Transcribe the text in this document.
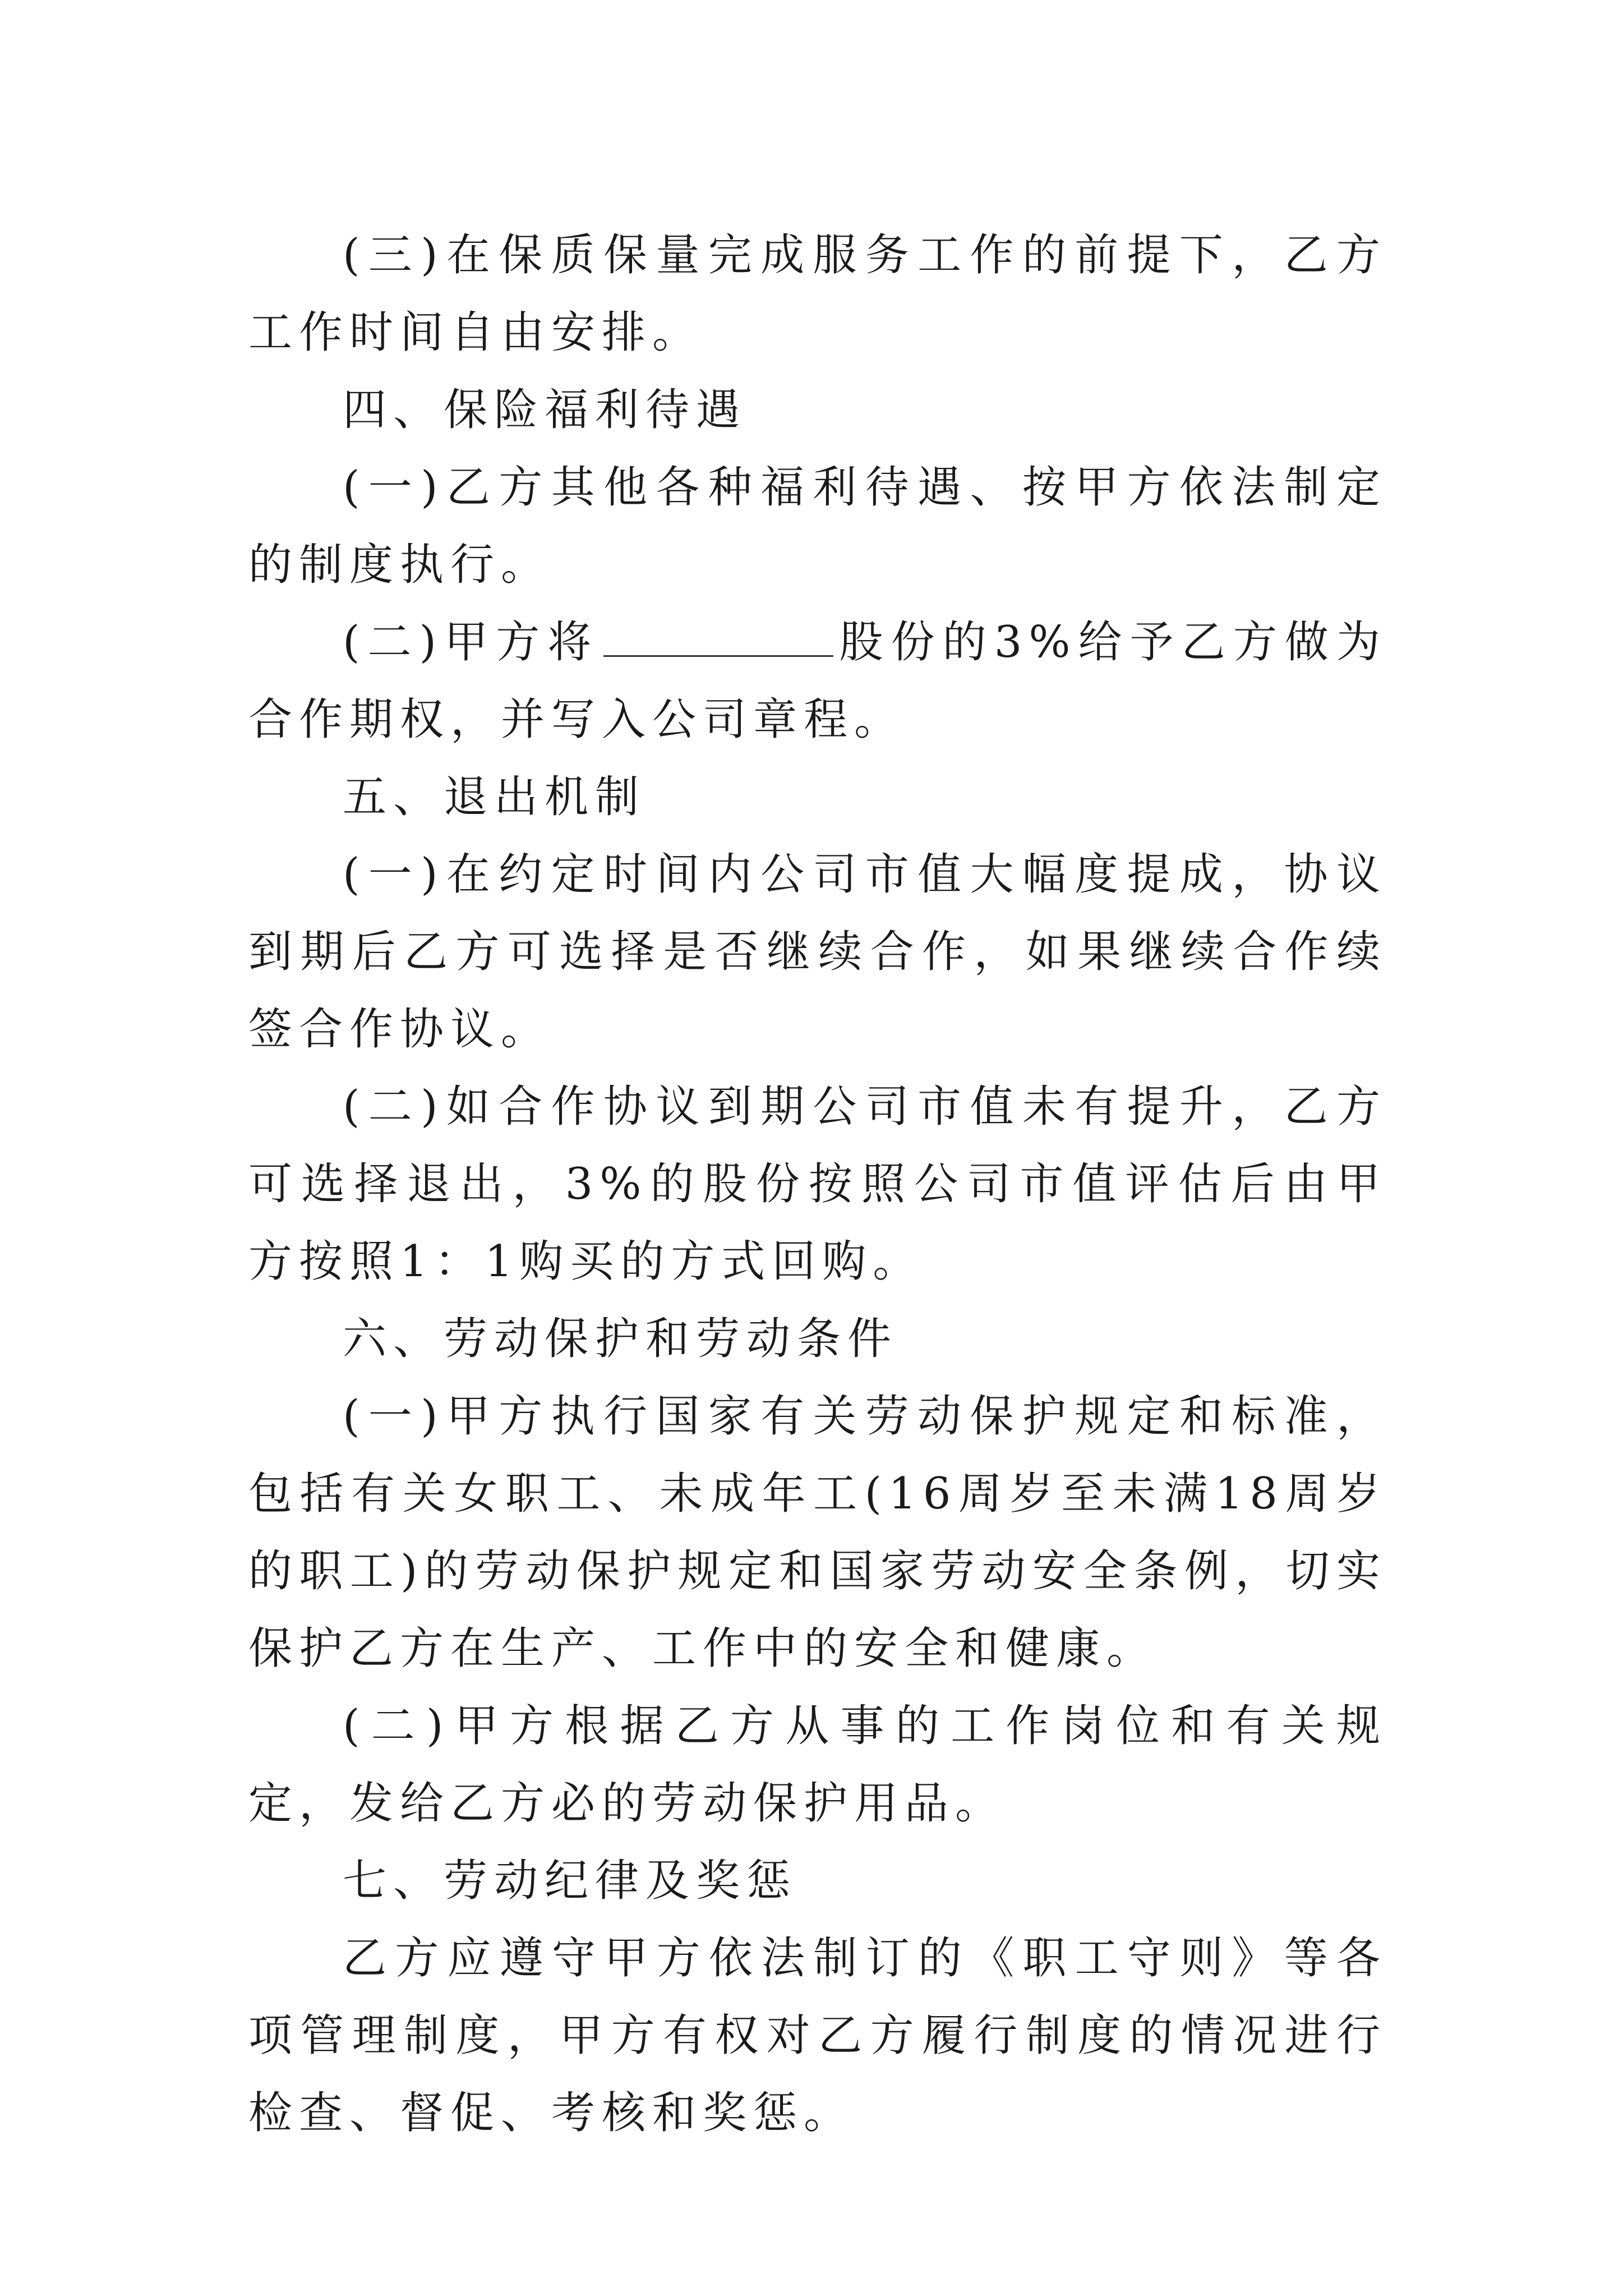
(三)在保质保量完成服务工作的前提下，乙方工作时间自由安排。

四、保险福利待遇

(一)乙方其他各种福利待遇、按甲方依法制定的制度执行。

(二)甲方将	股份的3%给予乙方做为合作期权，并写入公司章程。

五、退出机制

(一)在约定时间内公司市值大幅度提成，协议到期后乙方可选择是否继续合作，如果继续合作续签合作协议。

(二)如合作协议到期公司市值未有提升，乙方可选择退出，3%的股份按照公司市值评估后由甲方按照1：1购买的方式回购。

六、劳动保护和劳动条件

(一)甲方执行国家有关劳动保护规定和标准，包括有关女职工、未成年工(16周岁至未满18周岁的职工)的劳动保护规定和国家劳动安全条例，切实保护乙方在生产、工作中的安全和健康。

(二)甲方根据乙方从事的工作岗位和有关规定，发给乙方必的劳动保护用品。

七、劳动纪律及奖惩

乙方应遵守甲方依法制订的《职工守则》等各项管理制度，甲方有权对乙方履行制度的情况进行检查、督促、考核和奖惩。
